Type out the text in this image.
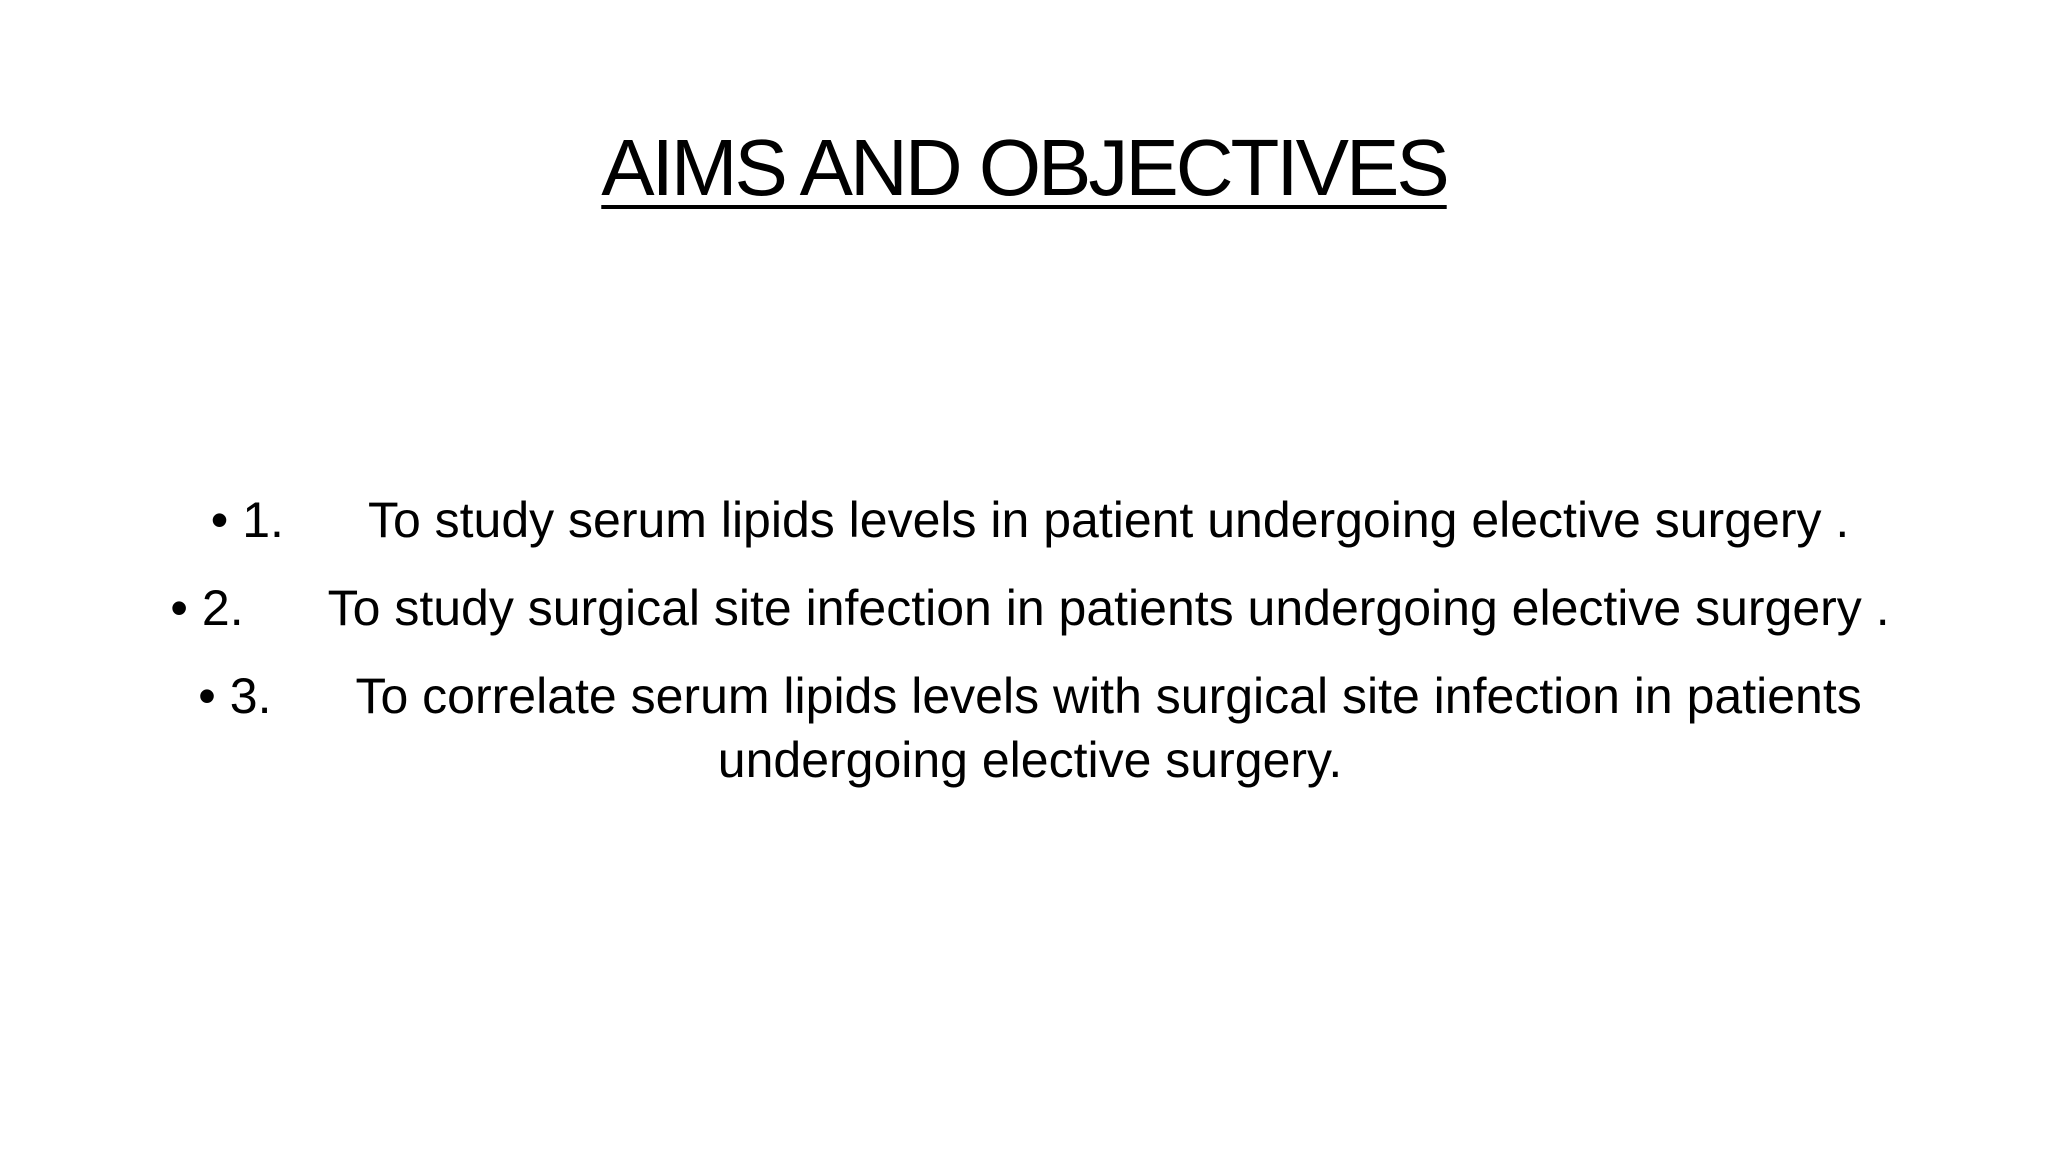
AIMS AND OBJECTIVES
• 1. To study serum lipids levels in patient undergoing elective surgery .
• 2. To study surgical site infection in patients undergoing elective surgery .
• 3. To correlate serum lipids levels with surgical site infection in patients undergoing elective surgery.
